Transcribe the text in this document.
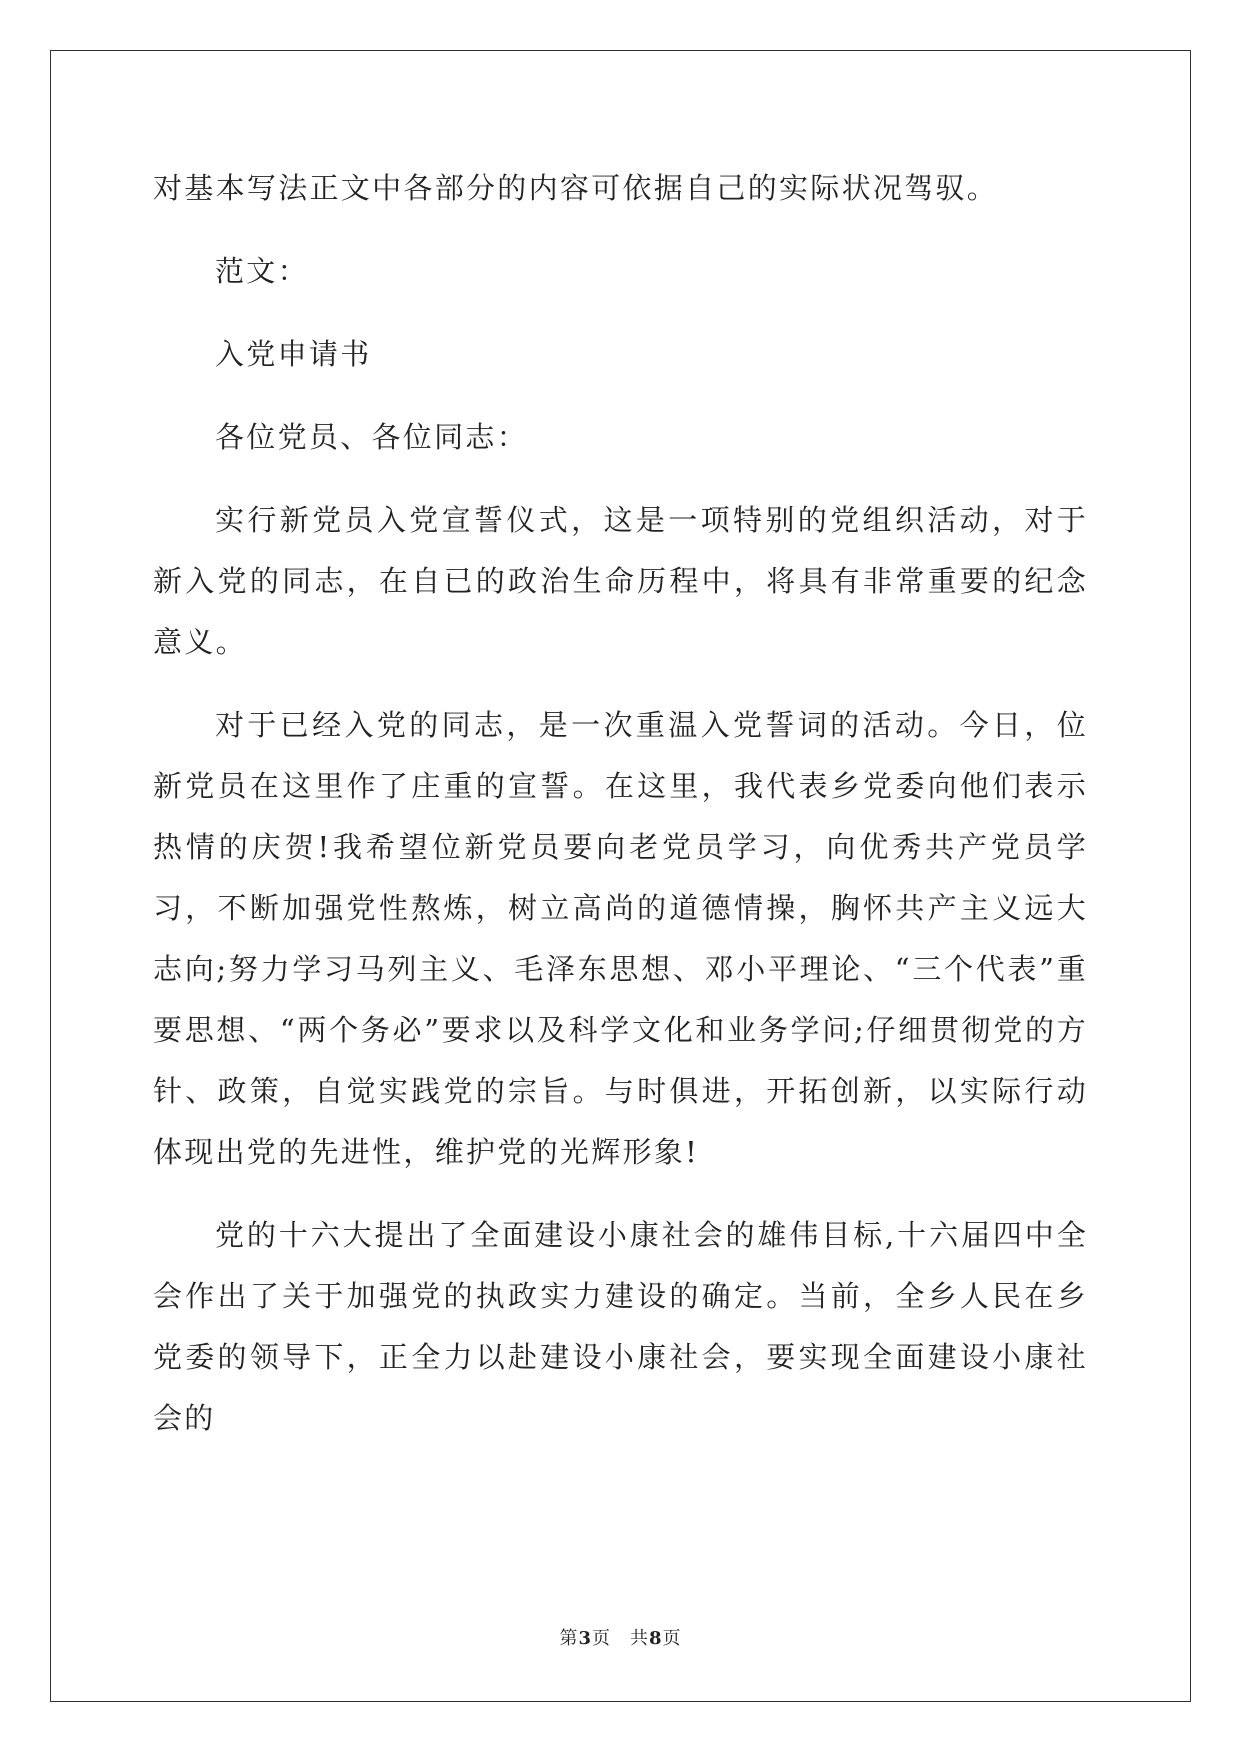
对基本写法正文中各部分的内容可依据自己的实际状况驾驭。

范文：

入党申请书

各位党员、各位同志：

实行新党员入党宣誓仪式，这是一项特别的党组织活动，对于新入党的同志，在自已的政治生命历程中，将具有非常重要的纪念意义。

对于已经入党的同志，是一次重温入党誓词的活动。今日，位新党员在这里作了庄重的宣誓。在这里，我代表乡党委向他们表示热情的庆贺!我希望位新党员要向老党员学习，向优秀共产党员学习，不断加强党性熬炼，树立高尚的道德情操，胸怀共产主义远大志向;努力学习马列主义、毛泽东思想、邓小平理论、“三个代表”重要思想、“两个务必”要求以及科学文化和业务学问;仔细贯彻党的方针、政策，自觉实践党的宗旨。与时俱进，开拓创新，以实际行动体现出党的先进性，维护党的光辉形象!

党的十六大提出了全面建设小康社会的雄伟目标,十六届四中全会作出了关于加强党的执政实力建设的确定。当前，全乡人民在乡党委的领导下，正全力以赴建设小康社会，要实现全面建设小康社会的

第3页　共8页
